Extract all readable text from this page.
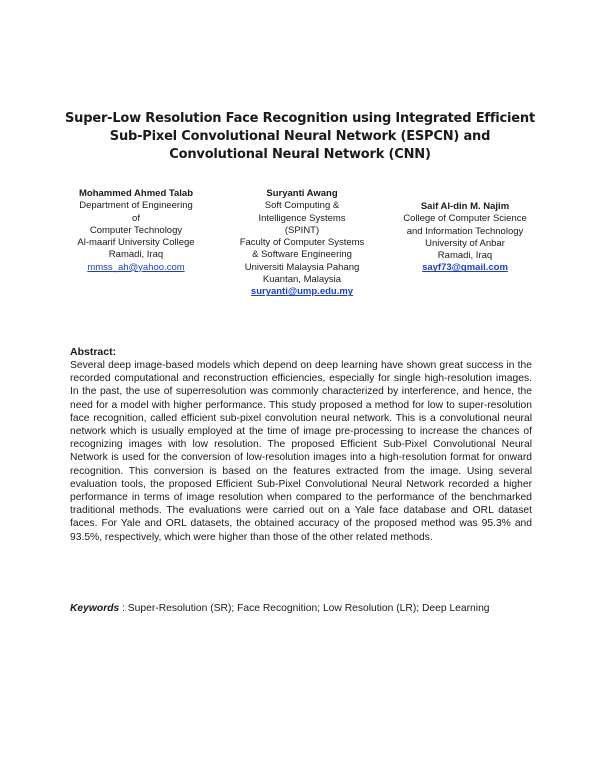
Super-Low Resolution Face Recognition using Integrated Efficient Sub-Pixel Convolutional Neural Network (ESPCN) and Convolutional Neural Network (CNN)
Mohammed Ahmed Talab
Department of Engineering
of
Computer Technology
Al-maarif University College
Ramadi, Iraq
mmss_ah@yahoo.com
Suryanti Awang
Soft Computing &
Intelligence Systems
(SPINT)
Faculty of Computer Systems
& Software Engineering
Universiti Malaysia Pahang
Kuantan, Malaysia
suryanti@ump.edu.my
Saif Al-din M. Najim
College of Computer Science
and Information Technology
University of Anbar
Ramadi, Iraq
sayf73@gmail.com
Abstract:
Several deep image-based models which depend on deep learning have shown great success in the recorded computational and reconstruction efficiencies, especially for single high-resolution images. In the past, the use of superresolution was commonly characterized by interference, and hence, the need for a model with higher performance. This study proposed a method for low to super-resolution face recognition, called efficient sub-pixel convolution neural network. This is a convolutional neural network which is usually employed at the time of image pre-processing to increase the chances of recognizing images with low resolution. The proposed Efficient Sub-Pixel Convolutional Neural Network is used for the conversion of low-resolution images into a high-resolution format for onward recognition. This conversion is based on the features extracted from the image. Using several evaluation tools, the proposed Efficient Sub-Pixel Convolutional Neural Network recorded a higher performance in terms of image resolution when compared to the performance of the benchmarked traditional methods. The evaluations were carried out on a Yale face database and ORL dataset faces. For Yale and ORL datasets, the obtained accuracy of the proposed method was 95.3% and 93.5%, respectively, which were higher than those of the other related methods.
Keywords : Super-Resolution (SR); Face Recognition; Low Resolution (LR); Deep Learning
